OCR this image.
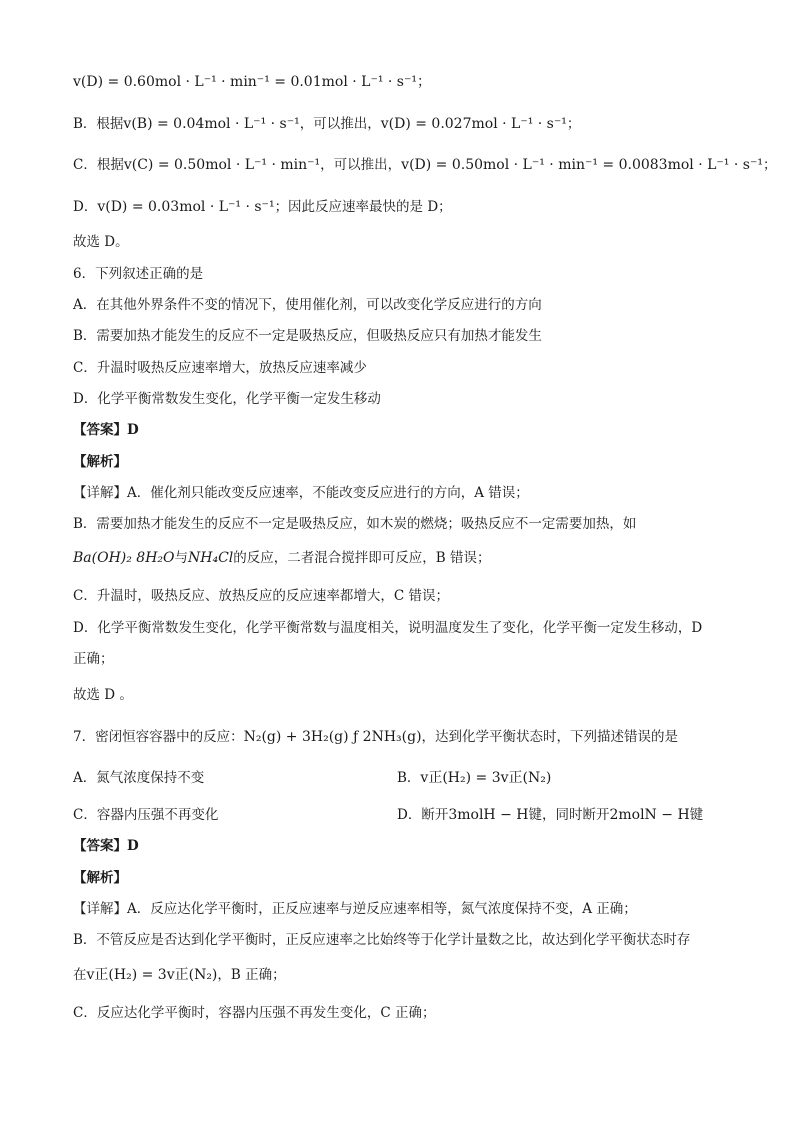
v(D) = 0.60mol · L⁻¹ · min⁻¹ = 0.01mol · L⁻¹ · s⁻¹；
B．根据v(B) = 0.04mol · L⁻¹ · s⁻¹，可以推出，v(D) = 0.027mol · L⁻¹ · s⁻¹；
C．根据v(C) = 0.50mol · L⁻¹ · min⁻¹，可以推出，v(D) = 0.50mol · L⁻¹ · min⁻¹ = 0.0083mol · L⁻¹ · s⁻¹；
D．v(D) = 0.03mol · L⁻¹ · s⁻¹；因此反应速率最快的是 D；
故选 D。
6．下列叙述正确的是
A．在其他外界条件不变的情况下，使用催化剂，可以改变化学反应进行的方向
B．需要加热才能发生的反应不一定是吸热反应，但吸热反应只有加热才能发生
C．升温时吸热反应速率增大，放热反应速率减少
D．化学平衡常数发生变化，化学平衡一定发生移动
【答案】D
【解析】
【详解】A．催化剂只能改变反应速率，不能改变反应进行的方向，A 错误；
B．需要加热才能发生的反应不一定是吸热反应，如木炭的燃烧；吸热反应不一定需要加热，如
Ba(OH)₂ 8H₂O与NH₄Cl的反应，二者混合搅拌即可反应，B 错误；
C．升温时，吸热反应、放热反应的反应速率都增大，C 错误；
D．化学平衡常数发生变化，化学平衡常数与温度相关，说明温度发生了变化，化学平衡一定发生移动，D
正确；
故选 D 。
7．密闭恒容容器中的反应：N₂(g) + 3H₂(g) ƒ 2NH₃(g)，达到化学平衡状态时，下列描述错误的是
A．氮气浓度保持不变	B．v正(H₂) = 3v正(N₂)
C．容器内压强不再变化	D．断开3molH − H键，同时断开2molN − H键
【答案】D
【解析】
【详解】A．反应达化学平衡时，正反应速率与逆反应速率相等，氮气浓度保持不变，A 正确；
B．不管反应是否达到化学平衡时，正反应速率之比始终等于化学计量数之比，故达到化学平衡状态时存
在v正(H₂) = 3v正(N₂)，B 正确；
C．反应达化学平衡时，容器内压强不再发生变化，C 正确；
